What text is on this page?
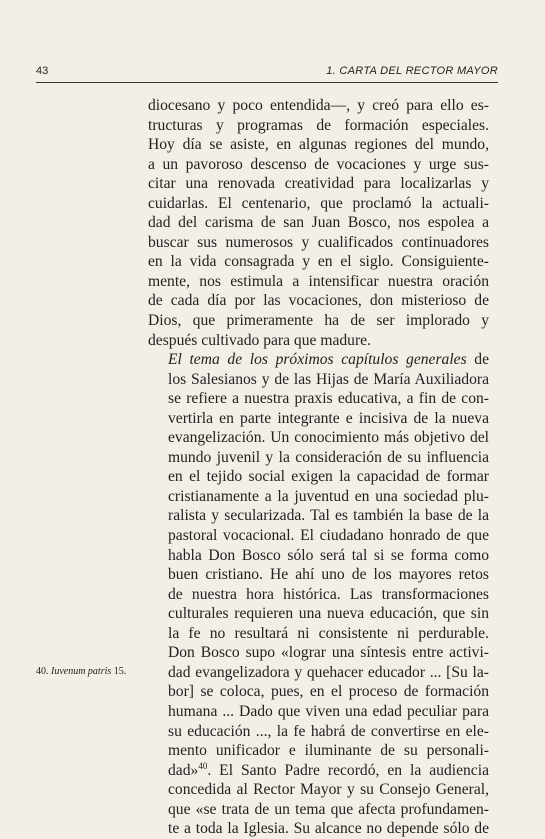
43	1. CARTA DEL RECTOR MAYOR

diocesano y poco entendida—, y creó para ello es-
tructuras y programas de formación especiales.
Hoy día se asiste, en algunas regiones del mundo,
a un pavoroso descenso de vocaciones y urge sus-
citar una renovada creatividad para localizarlas y
cuidarlas. El centenario, que proclamó la actuali-
dad del carisma de san Juan Bosco, nos espolea a
buscar sus numerosos y cualificados continuadores
en la vida consagrada y en el siglo. Consiguiente-
mente, nos estimula a intensificar nuestra oración
de cada día por las vocaciones, don misterioso de
Dios, que primeramente ha de ser implorado y
después cultivado para que madure.

El tema de los próximos capítulos generales de
los Salesianos y de las Hijas de María Auxiliadora
se refiere a nuestra praxis educativa, a fin de con-
vertirla en parte integrante e incisiva de la nueva
evangelización. Un conocimiento más objetivo del
mundo juvenil y la consideración de su influencia
en el tejido social exigen la capacidad de formar
cristianamente a la juventud en una sociedad plu-
ralista y secularizada. Tal es también la base de la
pastoral vocacional. El ciudadano honrado de que
habla Don Bosco sólo será tal si se forma como
buen cristiano. He ahí uno de los mayores retos
de nuestra hora histórica. Las transformaciones
culturales requieren una nueva educación, que sin
la fe no resultará ni consistente ni perdurable.
Don Bosco supo «lograr una síntesis entre activi-
dad evangelizadora y quehacer educador ... [Su la-
bor] se coloca, pues, en el proceso de formación
humana ... Dado que viven una edad peculiar para
su educación ..., la fe habrá de convertirse en ele-
mento unificador e iluminante de su personali-
dad»$^{40}$. El Santo Padre recordó, en la audiencia
concedida al Rector Mayor y su Consejo General,
que «se trata de un tema que afecta profundamen-
te a toda la Iglesia. Su alcance no depende sólo de

40. Iuvenum patris 15.
